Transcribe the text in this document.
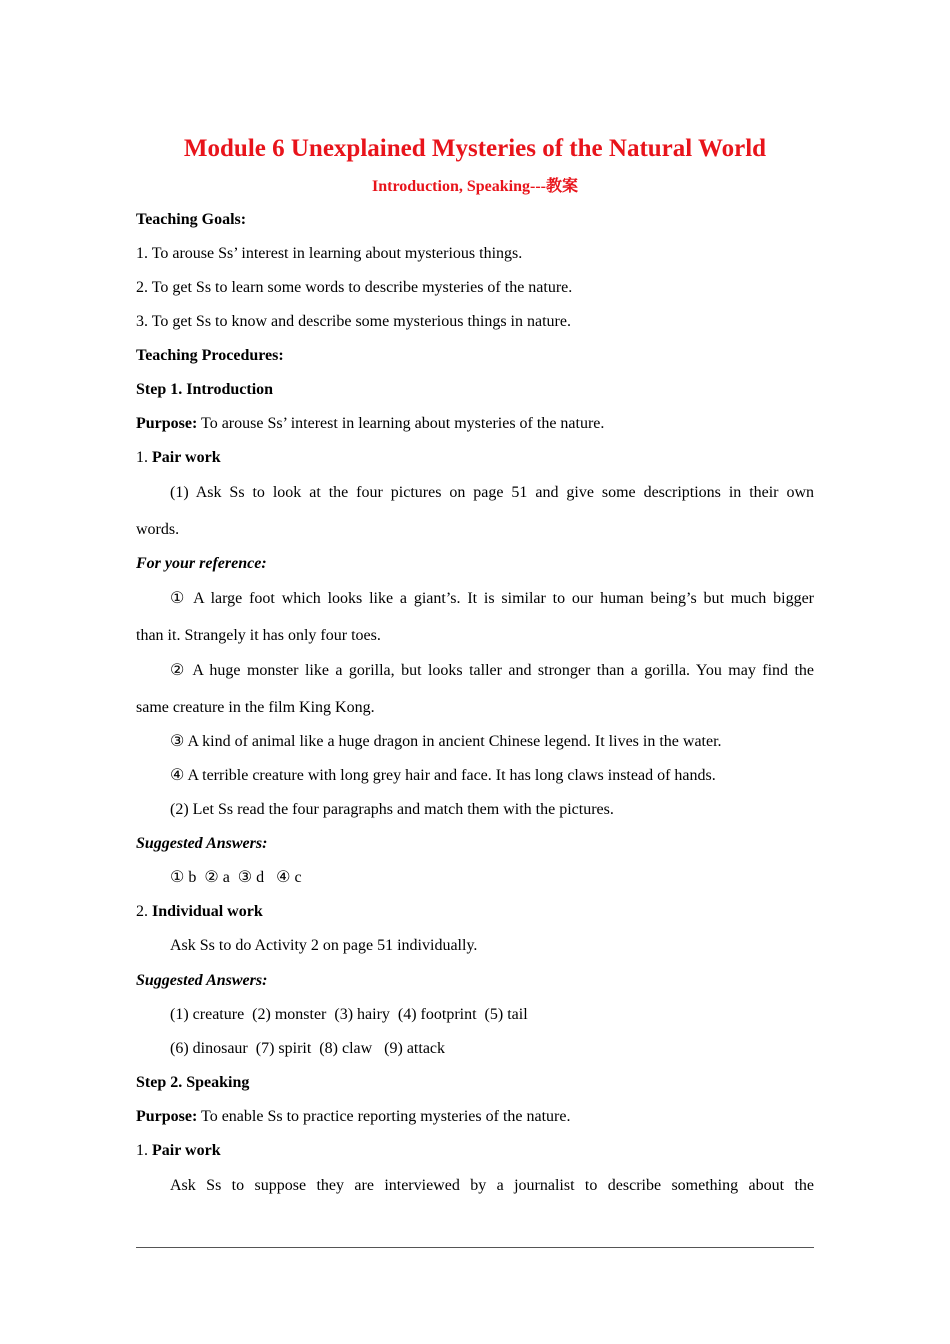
Module 6 Unexplained Mysteries of the Natural World
Introduction, Speaking---教案
Teaching Goals:
1. To arouse Ss’ interest in learning about mysterious things.
2. To get Ss to learn some words to describe mysteries of the nature.
3. To get Ss to know and describe some mysterious things in nature.
Teaching Procedures:
Step 1. Introduction
Purpose: To arouse Ss’ interest in learning about mysteries of the nature.
1. Pair work
(1) Ask Ss to look at the four pictures on page 51 and give some descriptions in their own
words.
For your reference:
① A large foot which looks like a giant’s. It is similar to our human being’s but much bigger
than it. Strangely it has only four toes.
② A huge monster like a gorilla, but looks taller and stronger than a gorilla. You may find the
same creature in the film King Kong.
③ A kind of animal like a huge dragon in ancient Chinese legend. It lives in the water.
④ A terrible creature with long grey hair and face. It has long claws instead of hands.
(2) Let Ss read the four paragraphs and match them with the pictures.
Suggested Answers:
① b  ② a  ③ d   ④ c
2. Individual work
Ask Ss to do Activity 2 on page 51 individually.
Suggested Answers:
(1) creature  (2) monster  (3) hairy  (4) footprint  (5) tail
(6) dinosaur  (7) spirit  (8) claw   (9) attack
Step 2. Speaking
Purpose: To enable Ss to practice reporting mysteries of the nature.
1. Pair work
Ask Ss to suppose they are interviewed by a journalist to describe something about the
